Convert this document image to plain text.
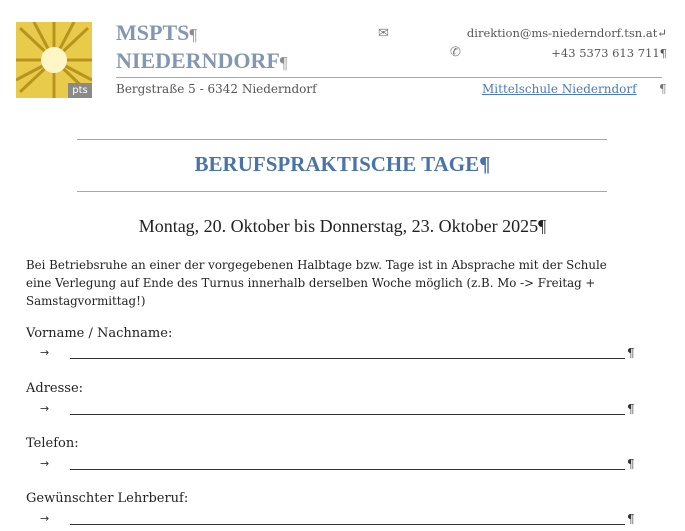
pts
MSPTS¶
NIEDERNDORF¶
✉
✆
direktion@ms-niederndorf.tsn.at↵
+43 5373 613 711¶
Bergstraße 5 - 6342 Niederndorf	Mittelschule Niederndorf ¶
BERUFSPRAKTISCHE TAGE¶
Montag, 20. Oktober bis Donnerstag, 23. Oktober 2025¶
Bei Betriebsruhe an einer der vorgegebenen Halbtage bzw. Tage ist in Absprache mit der Schule eine Verlegung auf Ende des Turnus innerhalb derselben Woche möglich (z.B. Mo -> Freitag + Samstagvormittag!)
Vorname / Nachname:
→	¶
Adresse:
→	¶
Telefon:
→	¶
Gewünschter Lehrberuf:
→	¶
